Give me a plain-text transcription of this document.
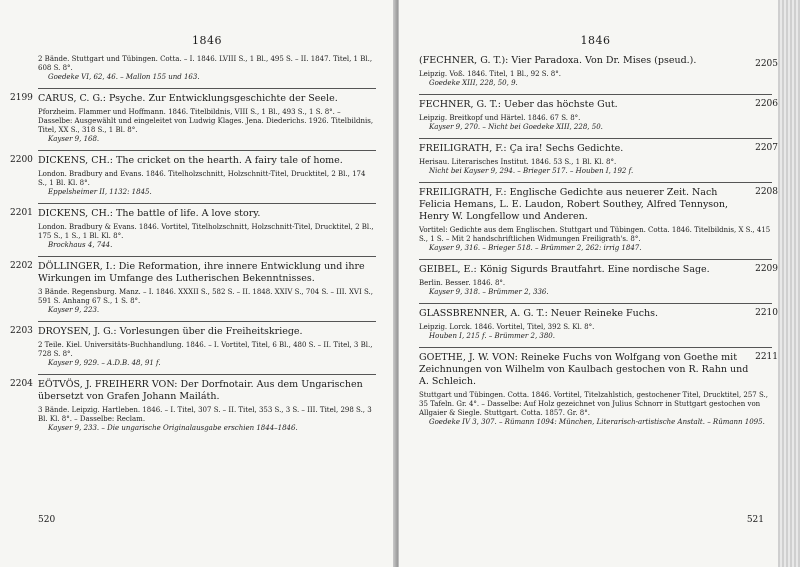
1846

2 Bände. Stuttgart und Tübingen. Cotta. – I. 1846. LVIII S., 1 Bl., 495 S. – II. 1847. Titel, 1 Bl., 608 S. 8°.

Goedeke VI, 62, 46. – Mallon 155 und 163.

2199 CARUS, C. G.: Psyche. Zur Entwicklungsgeschichte der Seele.

Pforzheim. Flammer und Hoffmann. 1846. Titelbildnis, VIII S., 1 Bl., 493 S., 1 S. 8°. – Dasselbe: Ausgewählt und eingeleitet von Ludwig Klages. Jena. Diederichs. 1926. Titelbildnis, Titel, XX S., 318 S., 1 Bl. 8°.

Kayser 9, 168.

2200 DICKENS, CH.: The cricket on the hearth. A fairy tale of home.

London. Bradbury and Evans. 1846. Titelholzschnitt, Holzschnitt-Titel, Drucktitel, 2 Bl., 174 S., 1 Bl. Kl. 8°.

Eppelsheimer II, 1132: 1845.

2201 DICKENS, CH.: The battle of life. A love story.

London. Bradbury & Evans. 1846. Vortitel, Titelholzschnitt, Holzschnitt-Titel, Drucktitel, 2 Bl., 175 S., 1 S., 1 Bl. Kl. 8°.

Brockhaus 4, 744.

2202 DÖLLINGER, I.: Die Reformation, ihre innere Entwicklung und ihre Wirkungen im Umfange des Lutherischen Bekenntnisses.

3 Bände. Regensburg. Manz. – I. 1846. XXXII S., 582 S. – II. 1848. XXIV S., 704 S. – III. XVI S., 591 S. Anhang 67 S., 1 S. 8°.

Kayser 9, 223.

2203 DROYSEN, J. G.: Vorlesungen über die Freiheitskriege.

2 Teile. Kiel. Universitäts-Buchhandlung. 1846. – I. Vortitel, Titel, 6 Bl., 480 S. – II. Titel, 3 Bl., 728 S. 8°.

Kayser 9, 929. – A.D.B. 48, 91 f.

2204 EÖTVÖS, J. FREIHERR VON: Der Dorfnotair. Aus dem Ungarischen übersetzt von Grafen Johann Mailáth.

3 Bände. Leipzig. Hartleben. 1846. – I. Titel, 307 S. – II. Titel, 353 S., 3 S. – III. Titel, 298 S., 3 Bl. Kl. 8°. – Dasselbe: Reclam.

Kayser 9, 233. – Die ungarische Originalausgabe erschien 1844–1846.

520
1846
2205

(FECHNER, G. T.): Vier Paradoxa. Von Dr. Mises (pseud.).

Leipzig. Voß. 1846. Titel, 1 Bl., 92 S. 8°.

Goedeke XIII, 228, 50, 9.

2206

FECHNER, G. T.: Ueber das höchste Gut.

Leipzig. Breitkopf und Härtel. 1846. 67 S. 8°.

Kayser 9, 270. – Nicht bei Goedeke XIII, 228, 50.

2207

FREILIGRATH, F.: Ça ira! Sechs Gedichte.

Herisau. Literarisches Institut. 1846. 53 S., 1 Bl. Kl. 8°.

Nicht bei Kayser 9, 294. – Brieger 517. – Houben I, 192 f.

2208

FREILIGRATH, F.: Englische Gedichte aus neuerer Zeit. Nach Felicia Hemans, L. E. Laudon, Robert Southey, Alfred Tennyson, Henry W. Longfellow und Anderen.

Vortitel: Gedichte aus dem Englischen. Stuttgart und Tübingen. Cotta. 1846. Titelbildnis, X S., 415 S., 1 S. – Mit 2 handschriftlichen Widmungen Freiligrath's. 8°.

Kayser 9, 316. – Brieger 518. – Brümmer 2, 262: irrig 1847.

2209

GEIBEL, E.: König Sigurds Brautfahrt. Eine nordische Sage.

Berlin. Besser. 1846. 8°.

Kayser 9, 318. – Brümmer 2, 336.

2210

GLASSBRENNER, A. G. T.: Neuer Reineke Fuchs.

Leipzig. Lorck. 1846. Vortitel, Titel, 392 S. Kl. 8°.

Houben I, 215 f. – Brümmer 2, 380.

2211

GOETHE, J. W. VON: Reineke Fuchs von Wolfgang von Goethe mit Zeichnungen von Wilhelm von Kaulbach gestochen von R. Rahn und A. Schleich.

Stuttgart und Tübingen. Cotta. 1846. Vortitel, Titelzahlstich, gestochener Titel, Drucktitel, 257 S., 35 Tafeln. Gr. 4°. – Dasselbe: Auf Holz gezeichnet von Julius Schnorr in Stuttgart gestochen von Allgaier & Siegle. Stuttgart. Cotta. 1857. Gr. 8°.

Goedeke IV 3, 307. – Rümann 1094: München, Literarisch-artistische Anstalt. – Rümann 1095.

521
